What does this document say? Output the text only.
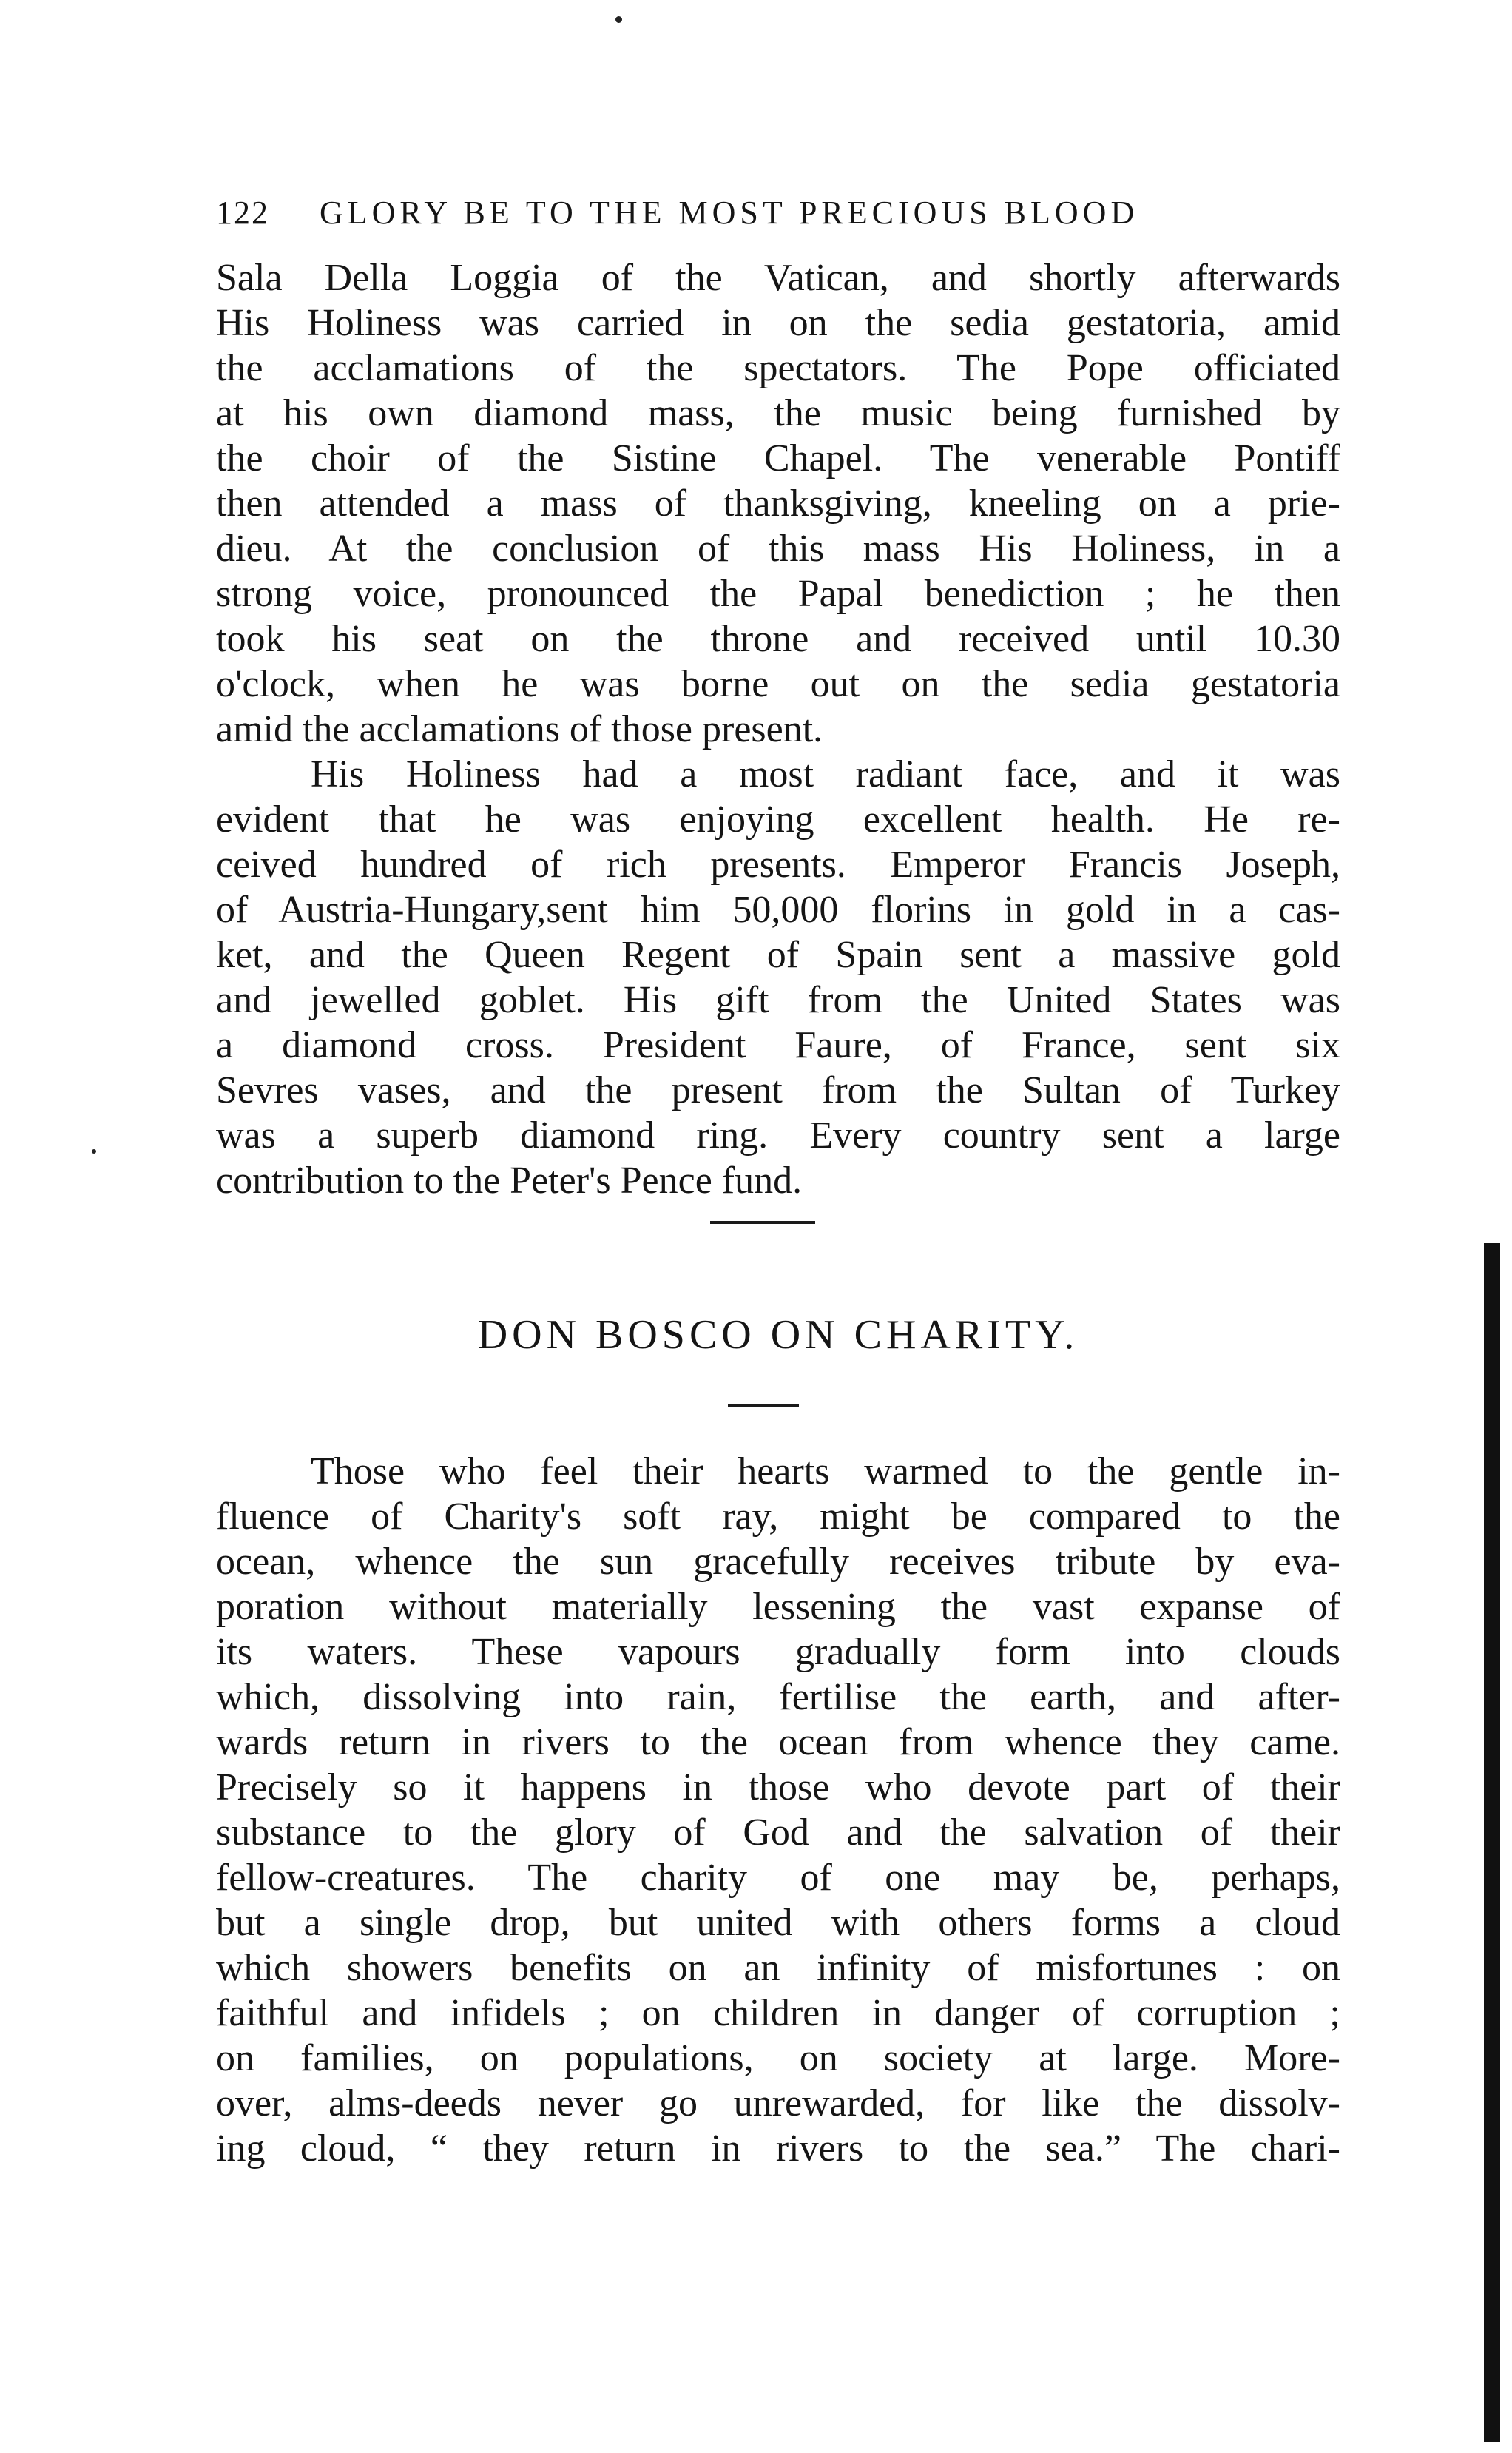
122 GLORY BE TO THE MOST PRECIOUS BLOOD
Sala Della Loggia of the Vatican, and shortly afterwards
His Holiness was carried in on the sedia gestatoria, amid
the acclamations of the spectators. The Pope officiated
at his own diamond mass, the music being furnished by
the choir of the Sistine Chapel. The venerable Pontiff
then attended a mass of thanksgiving, kneeling on a prie-
dieu. At the conclusion of this mass His Holiness, in a
strong voice, pronounced the Papal benediction ; he then
took his seat on the throne and received until 10.30
o'clock, when he was borne out on the sedia gestatoria
amid the acclamations of those present.
His Holiness had a most radiant face, and it was
evident that he was enjoying excellent health. He re-
ceived hundred of rich presents. Emperor Francis Joseph,
of Austria-Hungary,sent him 50,000 florins in gold in a cas-
ket, and the Queen Regent of Spain sent a massive gold
and jewelled goblet. His gift from the United States was
a diamond cross. President Faure, of France, sent six
Sevres vases, and the present from the Sultan of Turkey
was a superb diamond ring. Every country sent a large
contribution to the Peter's Pence fund.
DON BOSCO ON CHARITY.
Those who feel their hearts warmed to the gentle in-
fluence of Charity's soft ray, might be compared to the
ocean, whence the sun gracefully receives tribute by eva-
poration without materially lessening the vast expanse of
its waters. These vapours gradually form into clouds
which, dissolving into rain, fertilise the earth, and after-
wards return in rivers to the ocean from whence they came.
Precisely so it happens in those who devote part of their
substance to the glory of God and the salvation of their
fellow-creatures. The charity of one may be, perhaps,
but a single drop, but united with others forms a cloud
which showers benefits on an infinity of misfortunes : on
faithful and infidels ; on children in danger of corruption ;
on families, on populations, on society at large. More-
over, alms-deeds never go unrewarded, for like the dissolv-
ing cloud, “ they return in rivers to the sea.” The chari-
